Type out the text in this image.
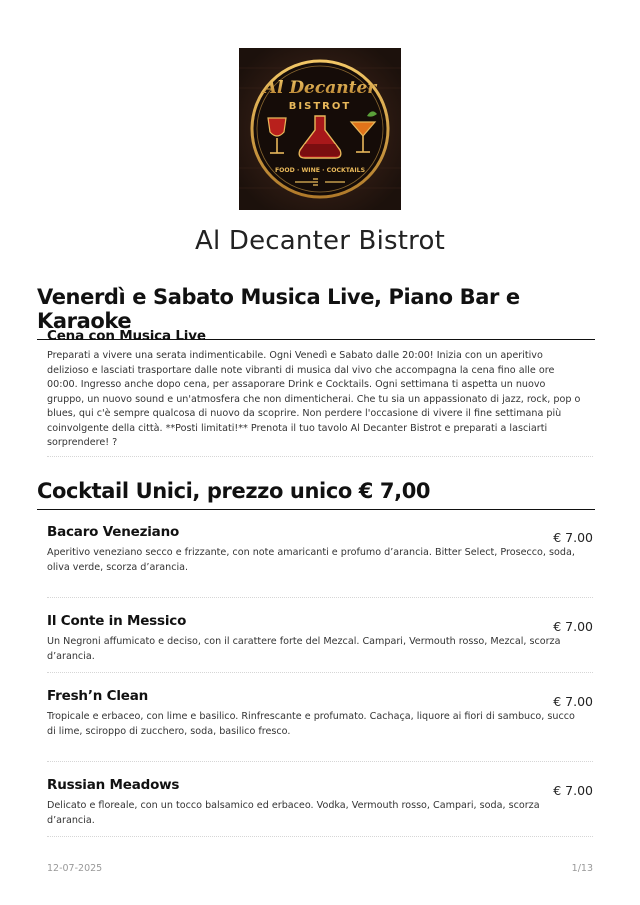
Al Decanter
BISTROT
FOOD · WINE · COCKTAILS
Al Decanter Bistrot
Venerdì e Sabato Musica Live, Piano Bar e Karaoke
Cena con Musica Live
Preparati a vivere una serata indimenticabile. Ogni Venedì e Sabato dalle 20:00! Inizia con un aperitivo delizioso e lasciati trasportare dalle note vibranti di musica dal vivo che accompagna la cena fino alle ore 00:00. Ingresso anche dopo cena, per assaporare Drink e Cocktails. Ogni settimana ti aspetta un nuovo gruppo, un nuovo sound e un'atmosfera che non dimenticherai. Che tu sia un appassionato di jazz, rock, pop o blues, qui c'è sempre qualcosa di nuovo da scoprire. Non perdere l'occasione di vivere il fine settimana più coinvolgente della città. **Posti limitati!** Prenota il tuo tavolo Al Decanter Bistrot e preparati a lasciarti sorprendere! ?
Cocktail Unici, prezzo unico € 7,00
Bacaro Veneziano	€ 7.00
Aperitivo veneziano secco e frizzante, con note amaricanti e profumo d’arancia. Bitter Select, Prosecco, soda, oliva verde, scorza d’arancia.
Il Conte in Messico	€ 7.00
Un Negroni affumicato e deciso, con il carattere forte del Mezcal. Campari, Vermouth rosso, Mezcal, scorza d’arancia.
Fresh’n Clean	€ 7.00
Tropicale e erbaceo, con lime e basilico. Rinfrescante e profumato. Cachaça, liquore ai fiori di sambuco, succo di lime, sciroppo di zucchero, soda, basilico fresco.
Russian Meadows	€ 7.00
Delicato e floreale, con un tocco balsamico ed erbaceo. Vodka, Vermouth rosso, Campari, soda, scorza d’arancia.
12-07-2025	1/13
